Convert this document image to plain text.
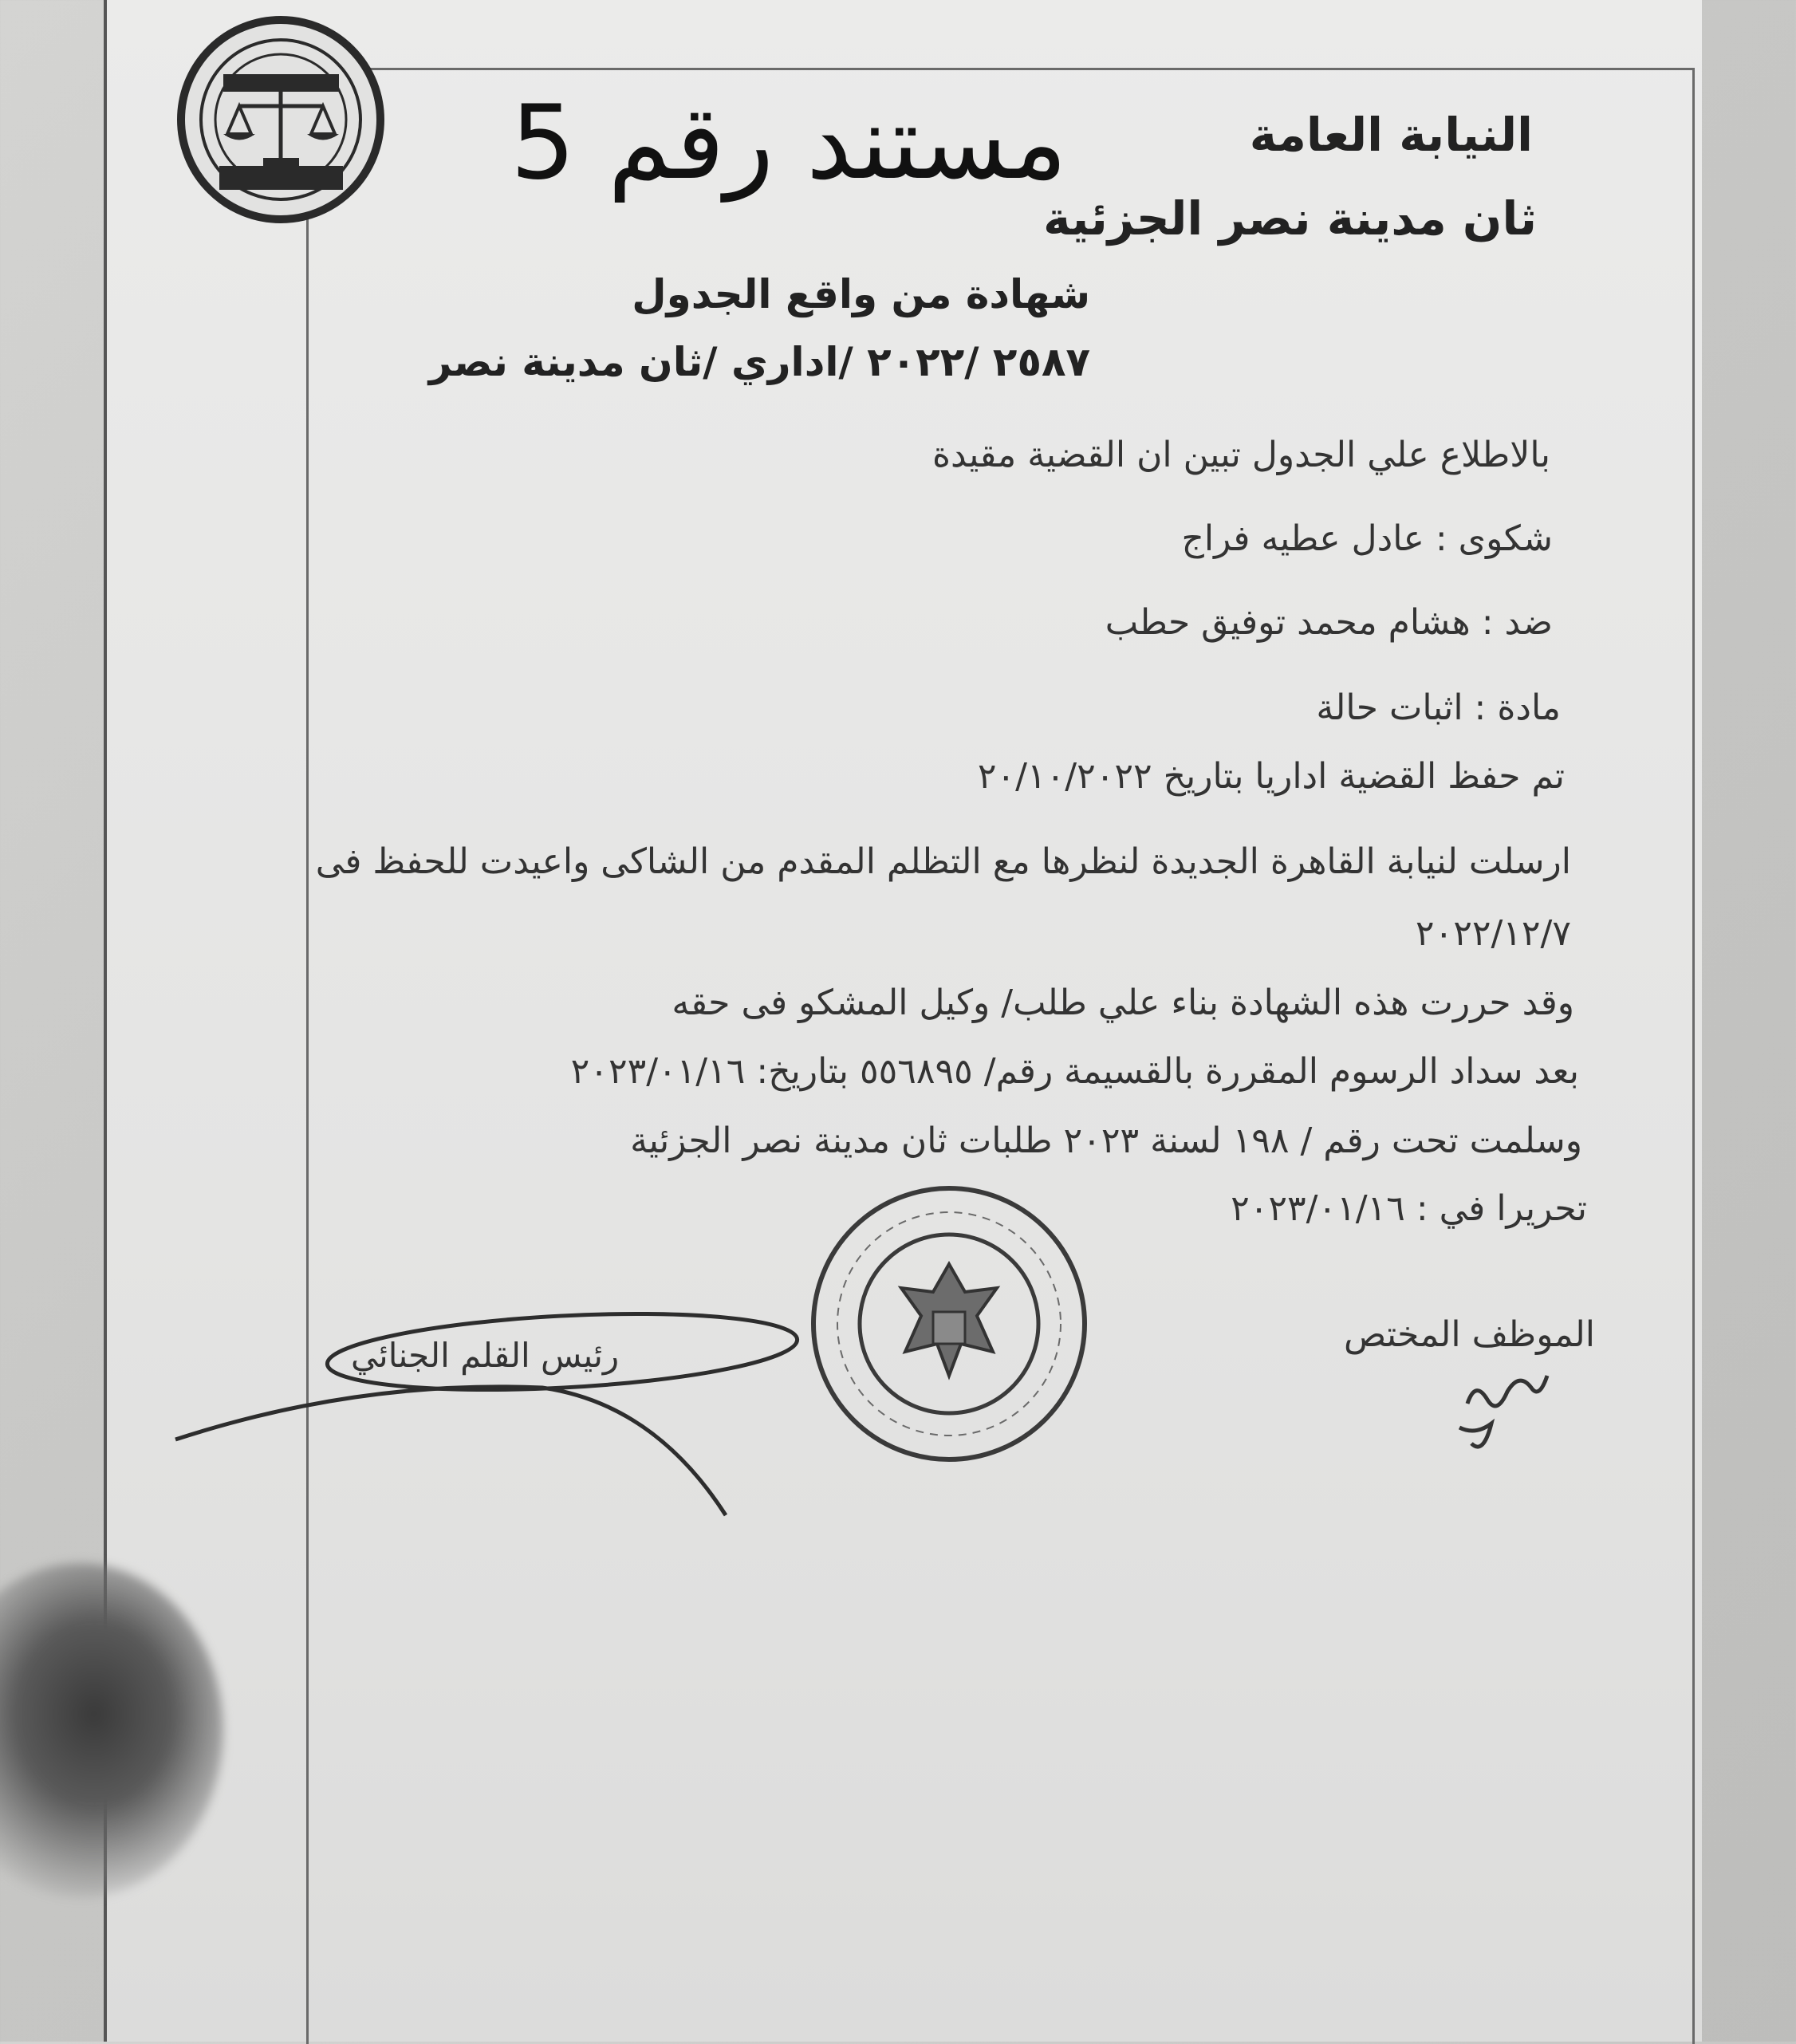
مستند رقم 5	النيابة العامة
ثان مدينة نصر الجزئية
شهادة من واقع الجدول
٢٥٨٧ /٢٠٢٢ /اداري /ثان مدينة نصر
بالاطلاع علي الجدول تبين ان القضية مقيدة
شكوى : عادل عطيه فراج
ضد : هشام محمد توفيق حطب
مادة : اثبات حالة
تم حفظ القضية اداريا بتاريخ ٢٠/١٠/٢٠٢٢
ارسلت لنيابة القاهرة الجديدة لنظرها مع التظلم المقدم من الشاكى واعيدت للحفظ فى
٢٠٢٢/١٢/٧
وقد حررت هذه الشهادة بناء علي طلب/ وكيل المشكو فى حقه
بعد سداد الرسوم المقررة بالقسيمة رقم/ ٥٥٦٨٩٥ بتاريخ: ٢٠٢٣/٠١/١٦
وسلمت تحت رقم / ١٩٨ لسنة ٢٠٢٣ طلبات ثان مدينة نصر الجزئية
تحريرا في : ٢٠٢٣/٠١/١٦
الموظف المختص
رئيس القلم الجنائي
